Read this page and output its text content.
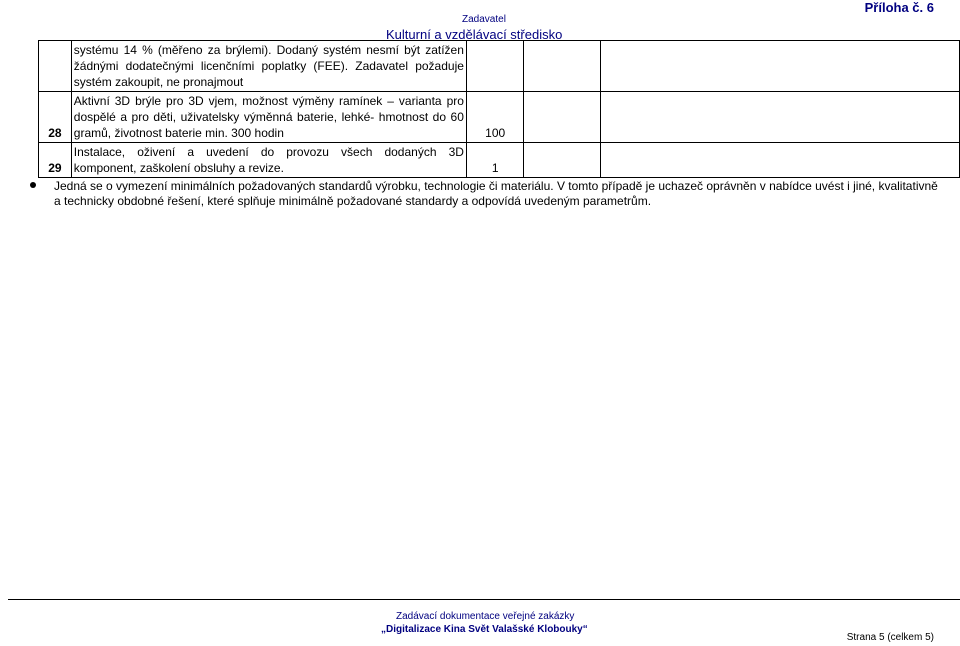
Zadavatel
Kulturní a vzdělávací středisko
Příloha č. 6

	systému 14 % (měřeno za brýlemi). Dodaný systém nesmí být zatížen
žádnými dodatečnými licenčními poplatky (FEE). Zadavatel požaduje
systém zakoupit, ne pronajmout			

28	Aktivní 3D brýle pro 3D vjem, možnost výměny ramínek – varianta pro
dospělé a pro děti, uživatelsky výměnná baterie, lehké- hmotnost do 60
gramů, životnost baterie min. 300 hodin	100		
29	Instalace, oživení a uvedení do provozu všech dodaných 3D
komponent, zaškolení obsluhy a revize.	1		
Jedná se o vymezení minimálních požadovaných standardů výrobku, technologie či materiálu. V tomto případě je uchazeč oprávněn v nabídce uvést i jiné, kvalitativně a technicky obdobné řešení, které splňuje minimálně požadované standardy a odpovídá uvedeným parametrům.
Zadávací dokumentace veřejné zakázky
„Digitalizace Kina Svět Valašské Klobouky“
Strana 5 (celkem 5)
